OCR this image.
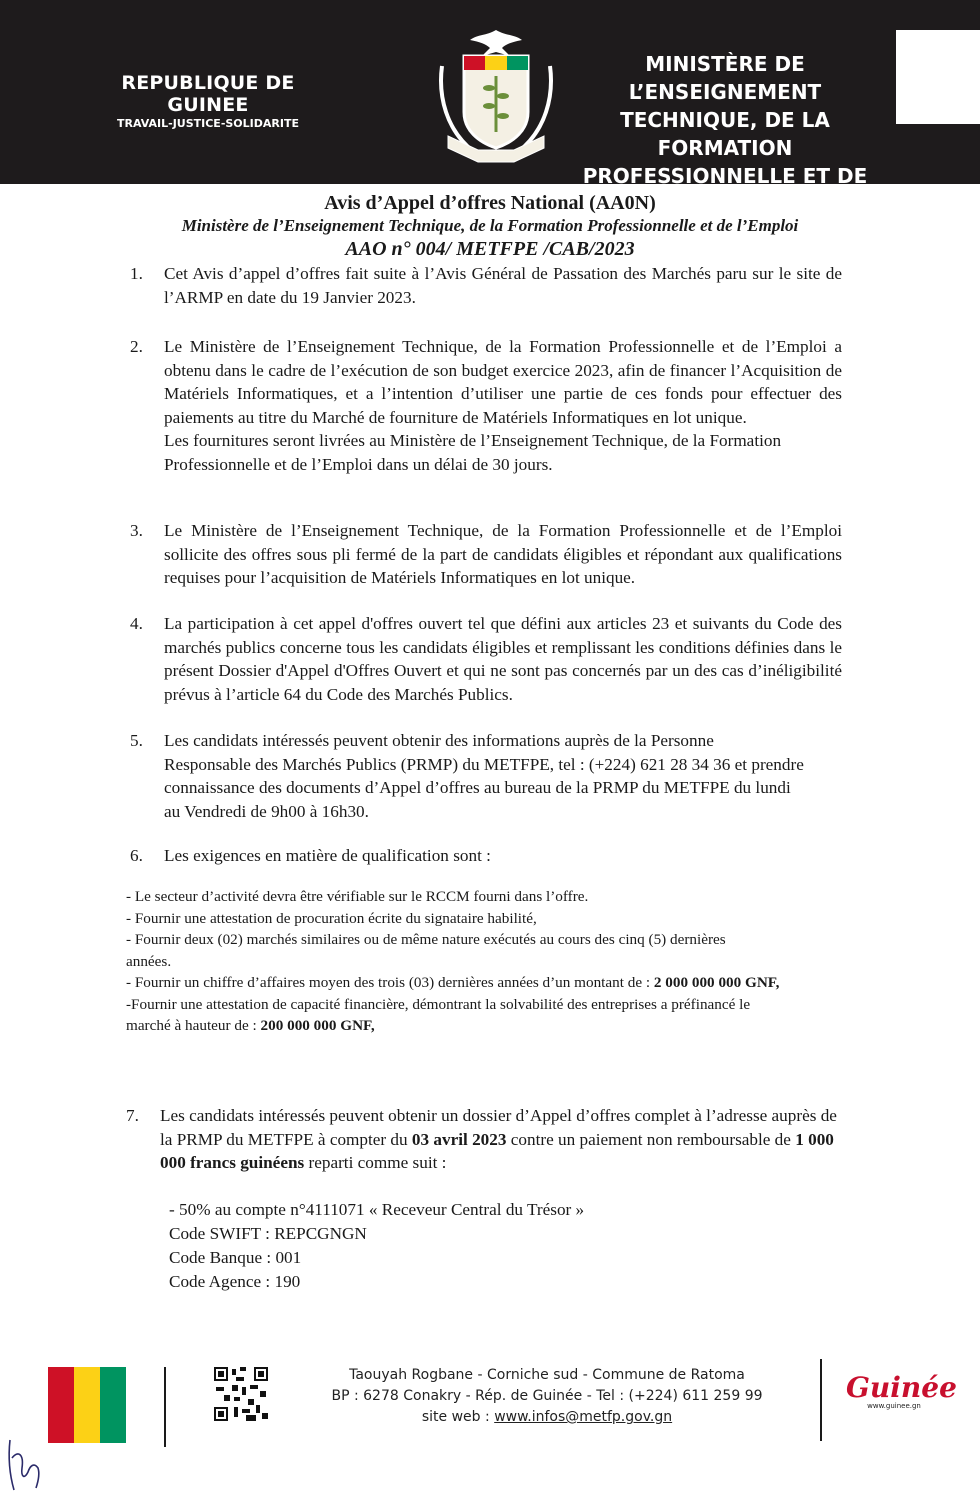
REPUBLIQUE DE GUINEE
TRAVAIL-JUSTICE-SOLIDARITE
MINISTÈRE DE L’ENSEIGNEMENT
TECHNIQUE, DE LA FORMATION
PROFESSIONNELLE ET DE L’EMPLOI
Avis d’Appel d’offres National (AA0N)
Ministère de l’Enseignement Technique, de la Formation Professionnelle et de l’Emploi
AAO n° 004/ METFPE /CAB/2023
1. Cet Avis d’appel d’offres fait suite à l’Avis Général de Passation des Marchés paru sur le site de l’ARMP en date du 19 Janvier 2023.

2. Le Ministère de l’Enseignement Technique, de la Formation Professionnelle et de l’Emploi a obtenu dans le cadre de l’exécution de son budget exercice 2023, afin de financer l’Acquisition de Matériels Informatiques, et a l’intention d’utiliser une partie de ces fonds pour effectuer des paiements au titre du Marché de fourniture de Matériels Informatiques en lot unique.

Les fournitures seront livrées au Ministère de l’Enseignement Technique, de la Formation Professionnelle et de l’Emploi dans un délai de 30 jours.

3. Le Ministère de l’Enseignement Technique, de la Formation Professionnelle et de l’Emploi sollicite des offres sous pli fermé de la part de candidats éligibles et répondant aux qualifications requises pour l’acquisition de Matériels Informatiques en lot unique.

4. La participation à cet appel d'offres ouvert tel que défini aux articles 23 et suivants du Code des marchés publics concerne tous les candidats éligibles et remplissant les conditions définies dans le présent Dossier d'Appel d'Offres Ouvert et qui ne sont pas concernés par un des cas d’inéligibilité prévus à l’article 64 du Code des Marchés Publics.

5. Les candidats intéressés peuvent obtenir des informations auprès de la Personne Responsable des Marchés Publics (PRMP) du METFPE, tel : (+224) 621 28 34 36 et prendre connaissance des documents d’Appel d’offres au bureau de la PRMP du METFPE du lundi au Vendredi de 9h00 à 16h30.

6. Les exigences en matière de qualification sont :

- Le secteur d’activité devra être vérifiable sur le RCCM fourni dans l’offre.

- Fournir une attestation de procuration écrite du signataire habilité,

- Fournir deux (02) marchés similaires ou de même nature exécutés au cours des cinq (5) dernières années.

- Fournir un chiffre d’affaires moyen des trois (03) dernières années d’un montant de : 2 000 000 000 GNF,

-Fournir une attestation de capacité financière, démontrant la solvabilité des entreprises a préfinancé le marché à hauteur de : 200 000 000 GNF,

7. Les candidats intéressés peuvent obtenir un dossier d’Appel d’offres complet à l’adresse auprès de la PRMP du METFPE à compter du 03 avril 2023 contre un paiement non remboursable de 1 000 000 francs guinéens reparti comme suit :

- 50% au compte n°4111071 « Receveur Central du Trésor »
Code SWIFT : REPCGNGN
Code Banque : 001
Code Agence : 190
Taouyah Rogbane - Corniche sud - Commune de Ratoma
BP : 6278 Conakry - Rép. de Guinée - Tel : (+224) 611 259 99
site web : www.infos@metfp.gov.gn
Guinée
www.guinee.gn
